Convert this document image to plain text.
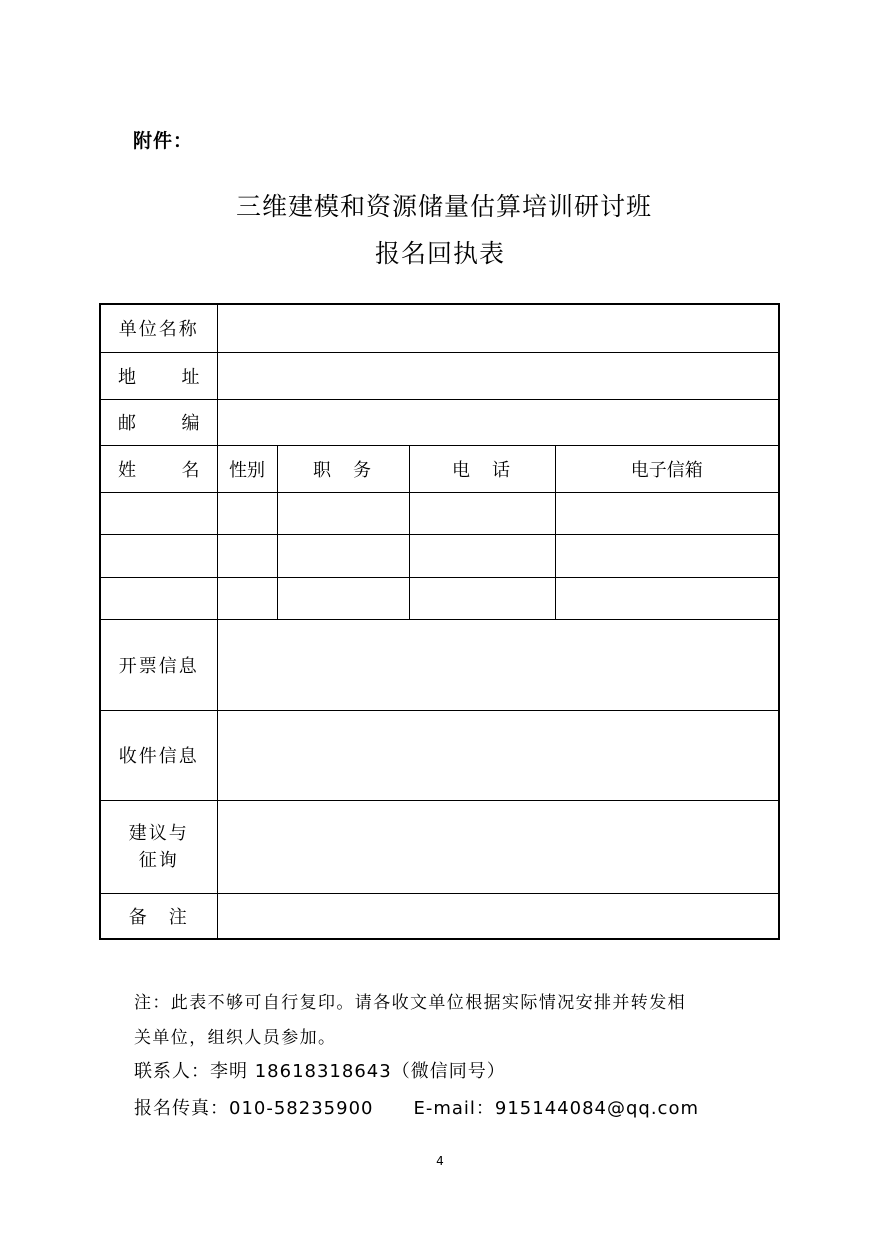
附件：
三维建模和资源储量估算培训研讨班
报名回执表
单位名称				

地 址				

邮 编				

姓 名	性别	职　务	电　话	电子信箱

开票信息				
收件信息				

建议与
征询				

备　注				
注：此表不够可自行复印。请各收文单位根据实际情况安排并转发相
关单位，组织人员参加。
联系人：李明 18618318643（微信同号）
报名传真：010-58235900 E-mail：915144084@qq.com
4
